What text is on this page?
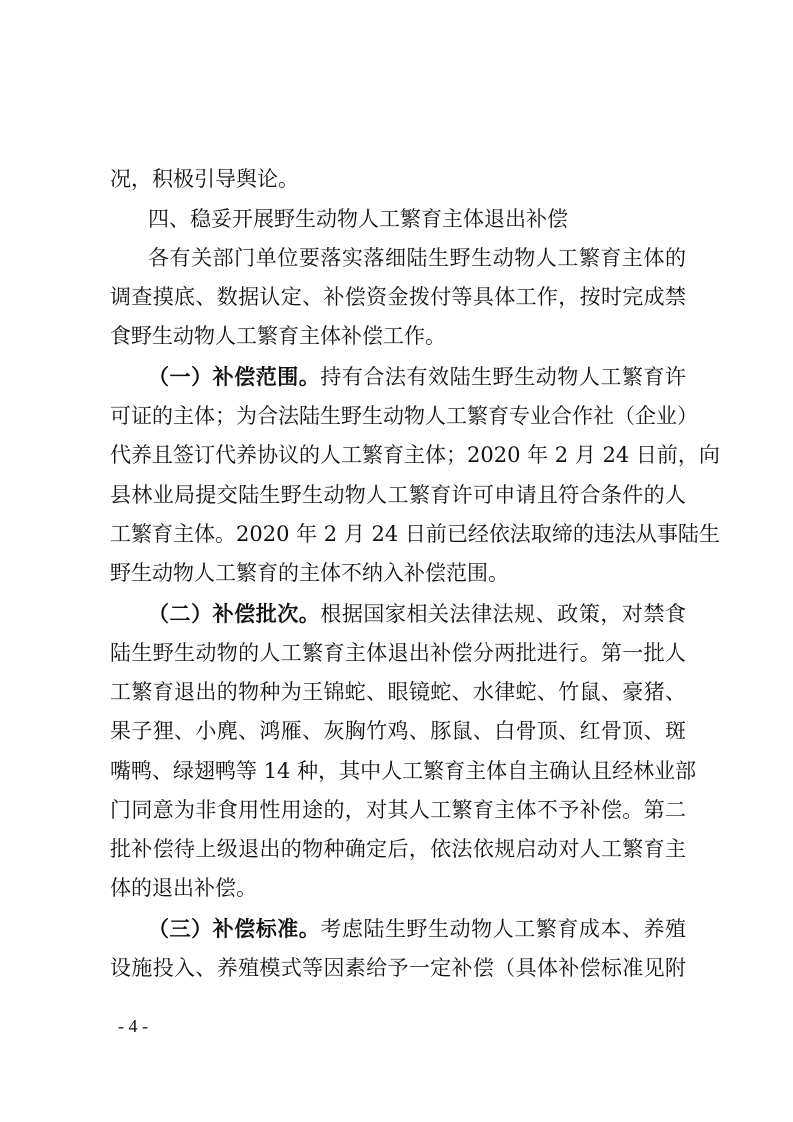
况，积极引导舆论。
四、稳妥开展野生动物人工繁育主体退出补偿
各有关部门单位要落实落细陆生野生动物人工繁育主体的
调查摸底、数据认定、补偿资金拨付等具体工作，按时完成禁
食野生动物人工繁育主体补偿工作。
（一）补偿范围。持有合法有效陆生野生动物人工繁育许
可证的主体；为合法陆生野生动物人工繁育专业合作社（企业）
代养且签订代养协议的人工繁育主体；2020 年 2 月 24 日前，向
县林业局提交陆生野生动物人工繁育许可申请且符合条件的人
工繁育主体。2020 年 2 月 24 日前已经依法取缔的违法从事陆生
野生动物人工繁育的主体不纳入补偿范围。
（二）补偿批次。根据国家相关法律法规、政策，对禁食
陆生野生动物的人工繁育主体退出补偿分两批进行。第一批人
工繁育退出的物种为王锦蛇、眼镜蛇、水律蛇、竹鼠、豪猪、
果子狸、小麂、鸿雁、灰胸竹鸡、豚鼠、白骨顶、红骨顶、斑
嘴鸭、绿翅鸭等 14 种，其中人工繁育主体自主确认且经林业部
门同意为非食用性用途的，对其人工繁育主体不予补偿。第二
批补偿待上级退出的物种确定后，依法依规启动对人工繁育主
体的退出补偿。
（三）补偿标准。考虑陆生野生动物人工繁育成本、养殖
设施投入、养殖模式等因素给予一定补偿（具体补偿标准见附
- 4 -
